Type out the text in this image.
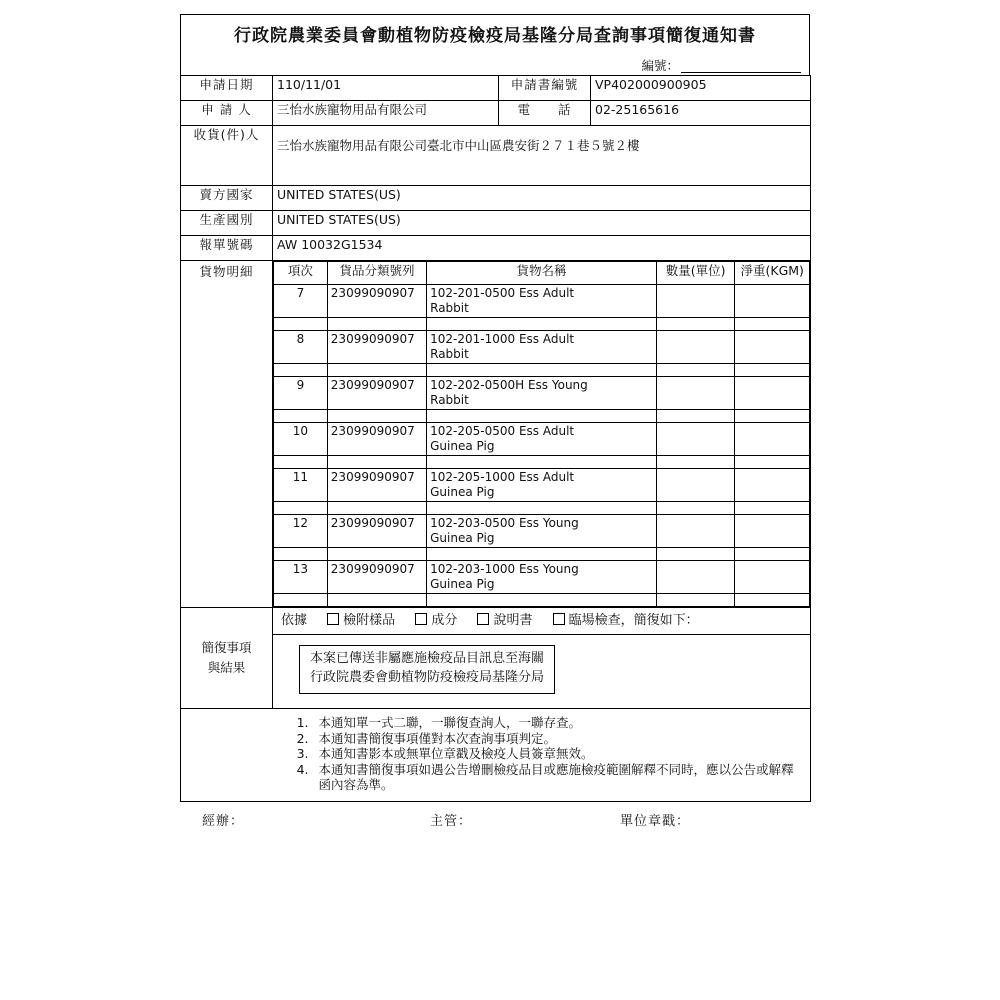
行政院農業委員會動植物防疫檢疫局基隆分局查詢事項簡復通知書
編號：
申請日期	110/11/01	申請書編號	VP402000900905
申 請 人	三怡水族寵物用品有限公司	電　　話	02-25165616
收貨(件)人	三怡水族寵物用品有限公司臺北市中山區農安街２７１巷５號２樓
賣方國家	UNITED STATES(US)
生產國別	UNITED STATES(US)
報單號碼	AW 10032G1534
貨物明細		項次	貨品分類號列	貨物名稱	數量(單位)	淨重(KGM)
7	23099090907	102-201-0500 Ess Adult
Rabbit

8	23099090907	102-201-1000 Ess Adult
Rabbit

9	23099090907	102-202-0500H Ess Young
Rabbit

10	23099090907	102-205-0500 Ess Adult
Guinea Pig

11	23099090907	102-205-1000 Ess Adult
Guinea Pig

12	23099090907	102-203-0500 Ess Young
Guinea Pig

13	23099090907	102-203-1000 Ess Young
Guinea Pig

簡復事項
與結果

依據	檢附樣品	成分	說明書	臨場檢查，簡復如下：
本案已傳送非屬應施檢疫品目訊息至海關
行政院農委會動植物防疫檢疫局基隆分局

1. 本通知單一式二聯，一聯復查詢人，一聯存查。
2. 本通知書簡復事項僅對本次查詢事項判定。
3. 本通知書影本或無單位章戳及檢疫人員簽章無效。
4. 本通知書簡復事項如遇公告增刪檢疫品目或應施檢疫範圍解釋不同時，應以公告或解釋函內容為準。
經辦：	主管：	單位章戳：
